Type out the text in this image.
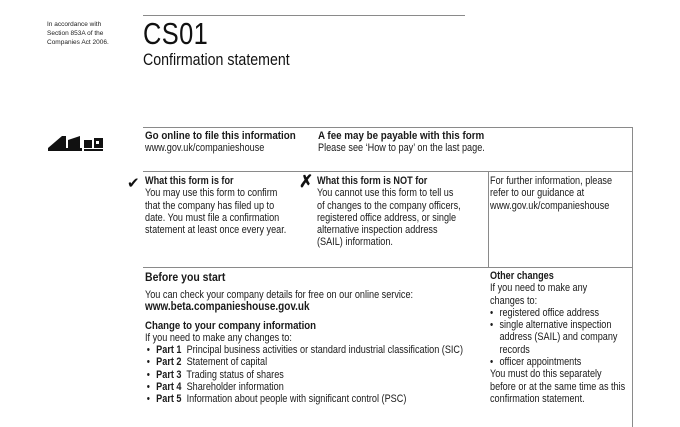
In accordance with
Section 853A of the
Companies Act 2006.	CS01
Confirmation statement
Go online to file this information
www.gov.uk/companieshouse
A fee may be payable with this form
Please see ‘How to pay’ on the last page.
✔ What this form is for
You may use this form to confirm
that the company has filed up to
date. You must file a confirmation
statement at least once every year.
✗ What this form is NOT for
You cannot use this form to tell us
of changes to the company officers,
registered office address, or single
alternative inspection address
(SAIL) information.
For further information, please
refer to our guidance at
www.gov.uk/companieshouse
Before you start
You can check your company details for free on our online service:
www.beta.companieshouse.gov.uk
Change to your company information
If you need to make any changes to:
• Part 1 Principal business activities or standard industrial classification (SIC)
• Part 2 Statement of capital
• Part 3 Trading status of shares
• Part 4 Shareholder information
• Part 5 Information about people with significant control (PSC)
Other changes
If you need to make any
changes to:
• registered office address
• single alternative inspection
address (SAIL) and company
records
• officer appointments
You must do this separately
before or at the same time as this
confirmation statement.
